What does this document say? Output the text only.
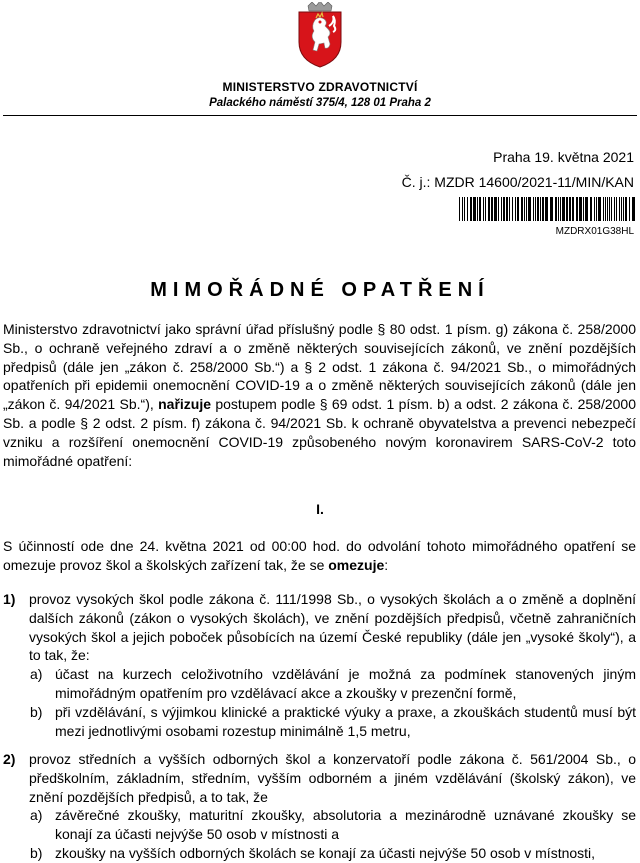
MINISTERSTVO ZDRAVOTNICTVÍ
Palackého náměstí 375/4, 128 01 Praha 2
Praha 19. května 2021
Č. j.: MZDR 14600/2021-11/MIN/KAN
MZDRX01G38HL
MIMOŘÁDNÉ OPATŘENÍ
Ministerstvo zdravotnictví jako správní úřad příslušný podle § 80 odst. 1 písm. g) zákona č. 258/2000 Sb., o ochraně veřejného zdraví a o změně některých souvisejících zákonů, ve znění pozdějších předpisů (dále jen „zákon č. 258/2000 Sb.“) a § 2 odst. 1 zákona č. 94/2021 Sb., o mimořádných opatřeních při epidemii onemocnění COVID-19 a o změně některých souvisejících zákonů (dále jen „zákon č. 94/2021 Sb.“), nařizuje postupem podle § 69 odst. 1 písm. b) a odst. 2 zákona č. 258/2000 Sb. a podle § 2 odst. 2 písm. f) zákona č. 94/2021 Sb. k ochraně obyvatelstva a prevenci nebezpečí vzniku a rozšíření onemocnění COVID-19 způsobeného novým koronavirem SARS-CoV-2 toto mimořádné opatření:
I.
S účinností ode dne 24. května 2021 od 00:00 hod. do odvolání tohoto mimořádného opatření se omezuje provoz škol a školských zařízení tak, že se omezuje:
1) provoz vysokých škol podle zákona č. 111/1998 Sb., o vysokých školách a o změně a doplnění dalších zákonů (zákon o vysokých školách), ve znění pozdějších předpisů, včetně zahraničních vysokých škol a jejich poboček působících na území České republiky (dále jen „vysoké školy“), a to tak, že:
a) účast na kurzech celoživotního vzdělávání je možná za podmínek stanovených jiným mimořádným opatřením pro vzdělávací akce a zkoušky v prezenční formě,
b) při vzdělávání, s výjimkou klinické a praktické výuky a praxe, a zkouškách studentů musí být mezi jednotlivými osobami rozestup minimálně 1,5 metru,
2) provoz středních a vyšších odborných škol a konzervatoří podle zákona č. 561/2004 Sb., o předškolním, základním, středním, vyšším odborném a jiném vzdělávání (školský zákon), ve znění pozdějších předpisů, a to tak, že
a) závěrečné zkoušky, maturitní zkoušky, absolutoria a mezinárodně uznávané zkoušky se konají za účasti nejvýše 50 osob v místnosti a
b) zkoušky na vyšších odborných školách se konají za účasti nejvýše 50 osob v místnosti,
